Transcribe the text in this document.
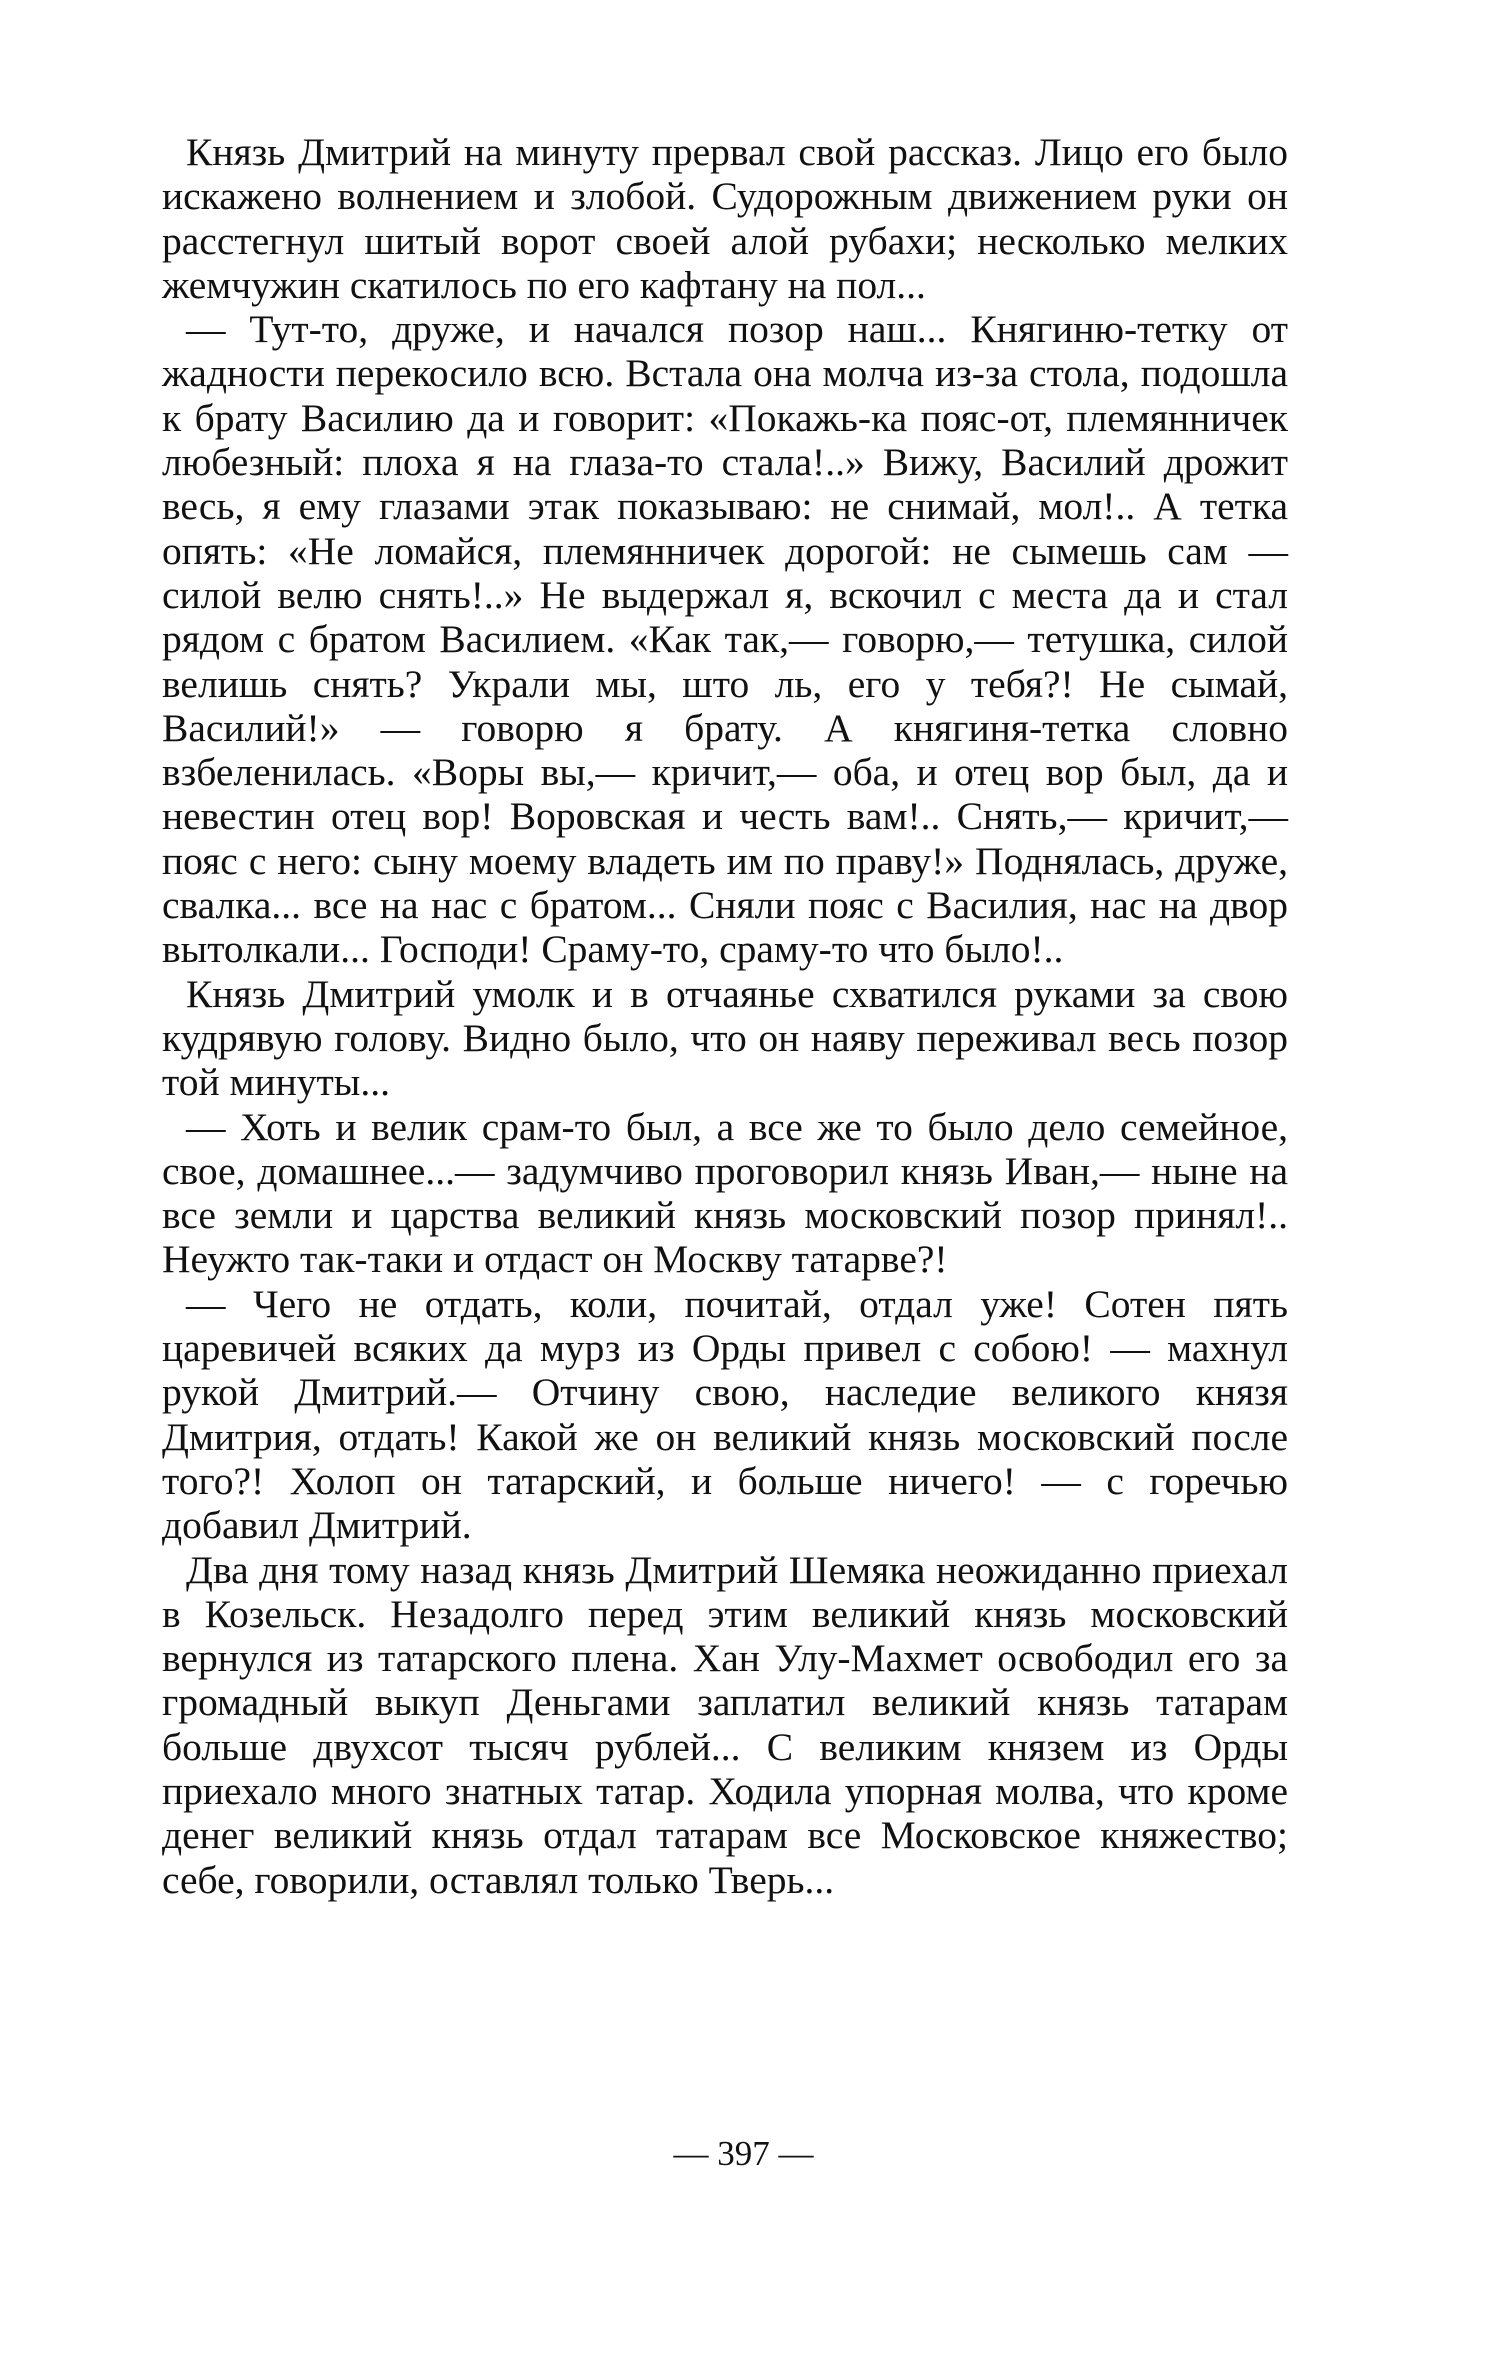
Князь Дмитрий на минуту прервал свой рассказ. Лицо его было искажено волнением и злобой. Судорожным движением руки он расстегнул шитый ворот своей алой рубахи; несколько мелких жемчужин скатилось по его кафтану на пол...

— Тут-то, друже, и начался позор наш... Княгиню-тетку от жадности перекосило всю. Встала она молча из-за стола, подошла к брату Василию да и говорит: «Покажь-ка пояс-от, племянничек любезный: плоха я на глаза-то стала!..» Вижу, Василий дрожит весь, я ему глазами этак показываю: не снимай, мол!.. А тетка опять: «Не ломайся, племянничек дорогой: не сымешь сам — силой велю снять!..» Не выдержал я, вскочил с места да и стал рядом с братом Василием. «Как так,— говорю,— тетушка, силой велишь снять? Украли мы, што ль, его у тебя?! Не сымай, Василий!» — говорю я брату. А княгиня-тетка словно взбеленилась. «Воры вы,— кричит,— оба, и отец вор был, да и невестин отец вор! Воровская и честь вам!.. Снять,— кричит,— пояс с него: сыну моему владеть им по праву!» Поднялась, друже, свалка... все на нас с братом... Сняли пояс с Василия, нас на двор вытолкали... Господи! Сраму-то, сраму-то что было!..

Князь Дмитрий умолк и в отчаянье схватился руками за свою кудрявую голову. Видно было, что он наяву переживал весь позор той минуты...

— Хоть и велик срам-то был, а все же то было дело семейное, свое, домашнее...— задумчиво проговорил князь Иван,— ныне на все земли и царства великий князь московский позор принял!.. Неужто так-таки и отдаст он Москву татарве?!

— Чего не отдать, коли, почитай, отдал уже! Сотен пять царевичей всяких да мурз из Орды привел с собою! — махнул рукой Дмитрий.— Отчину свою, наследие великого князя Дмитрия, отдать! Какой же он великий князь московский после того?! Холоп он татарский, и больше ничего! — с горечью добавил Дмитрий.

Два дня тому назад князь Дмитрий Шемяка неожиданно приехал в Козельск. Незадолго перед этим великий князь московский вернулся из татарского плена. Хан Улу-Махмет освободил его за громадный выкуп Деньгами заплатил великий князь татарам больше двухсот тысяч рублей... С великим князем из Орды приехало много знатных татар. Ходила упорная молва, что кроме денег великий князь отдал татарам все Московское княжество; себе, говорили, оставлял только Тверь...

— 397 —
